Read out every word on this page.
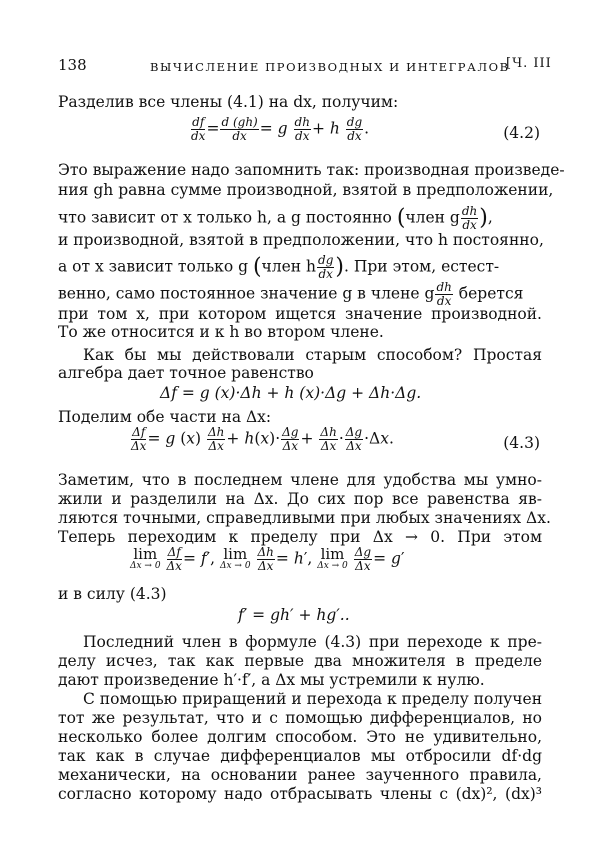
138	ВЫЧИСЛЕНИЕ ПРОИЗВОДНЫХ И ИНТЕГРАЛОВ
[Ч. III
Разделив все члены (4.1) на dx, получим:
$\frac{df}{dx} = \frac{d (gh)}{dx} = g \frac{dh}{dx} + h \frac{dg}{dx}$ .	(4.2)
Это выражение надо запомнить так: производная произведе-
ния gh равна сумме производной, взятой в предположении,
что зависит от x только h, а g постоянно (член g $\frac{dh}{dx}$ ),
и производной, взятой в предположении, что h постоянно,
а от x зависит только g (член h $\frac{dg}{dx}$ ). При этом, естест-
венно, само постоянное значение g в члене g $\frac{dh}{dx}$ берется
при том x, при котором ищется значение производной.
То же относится и к h во втором члене.
Как бы мы действовали старым способом? Простая
алгебра дает точное равенство
Δf = g (x)·Δh + h (x)·Δg + Δh·Δg.
Поделим обе части на Δx:
$\frac{\Delta f}{\Delta x} = g$ $(x) \frac{\Delta h}{\Delta x} + h(x)\cdot \frac{\Delta g}{\Delta x} + \frac{\Delta h}{\Delta x} \cdot \frac{\Delta g}{\Delta x} \cdot\Delta x$.	(4.3)
Заметим, что в последнем члене для удобства мы умно-
жили и разделили на Δx. До сих пор все равенства яв-
ляются точными, справедливыми при любых значениях Δx.
Теперь переходим к пределу при Δx → 0. При этом
lim
Δx → 0
$\frac{\Delta f}{\Delta x} = f'$, lim
Δx → 0
$\frac{\Delta h}{\Delta x} = h'$, lim
Δx → 0
$\frac{\Delta g}{\Delta x} = g'$
и в силу (4.3)
f′ = gh′ + hg′..
Последний член в формуле (4.3) при переходе к пре-
делу исчез, так как первые два множителя в пределе
дают произведение h′·f′, а Δx мы устремили к нулю.
С помощью приращений и перехода к пределу получен
тот же результат, что и с помощью дифференциалов, но
несколько более долгим способом. Это не удивительно,
так как в случае дифференциалов мы отбросили df·dg
механически, на основании ранее заученного правила,
согласно которому надо отбрасывать члены с (dx)², (dx)³
